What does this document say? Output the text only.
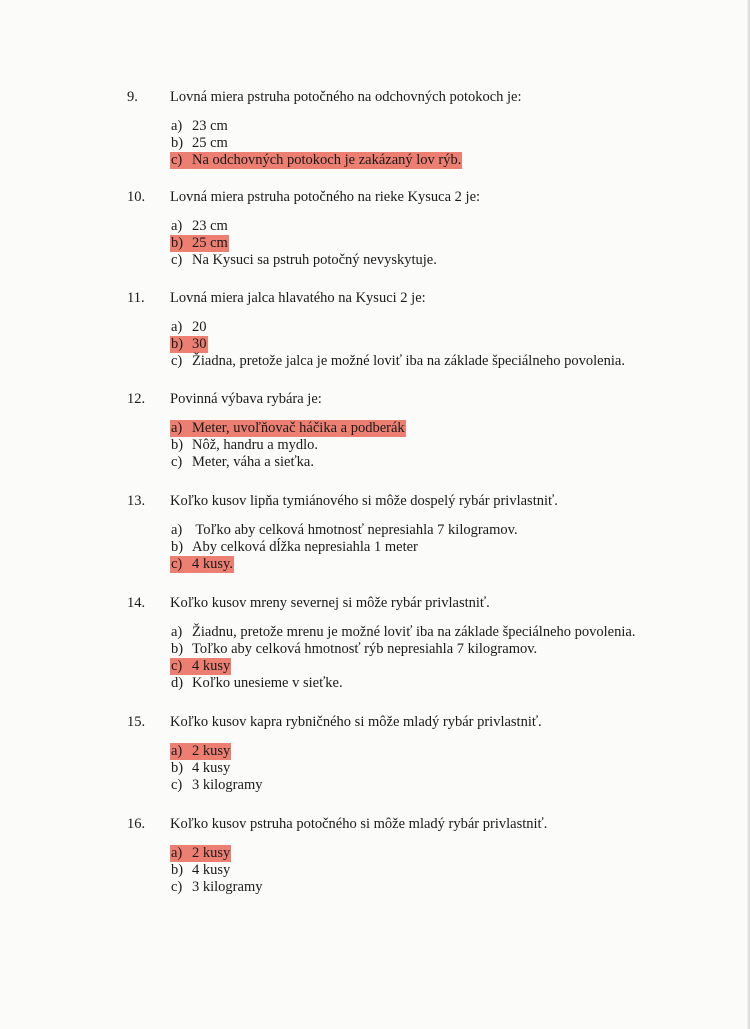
9. Lovná miera pstruha potočného na odchovných potokoch je:
a) 23 cm
b) 25 cm
c) Na odchovných potokoch je zakázaný lov rýb.
10. Lovná miera pstruha potočného na rieke Kysuca 2 je:
a) 23 cm
b) 25 cm
c) Na Kysuci sa pstruh potočný nevyskytuje.
11. Lovná miera jalca hlavatého na Kysuci 2 je:
a) 20
b) 30
c) Žiadna, pretože jalca je možné loviť iba na základe špeciálneho povolenia.
12. Povinná výbava rybára je:
a) Meter, uvoľňovač háčika a podberák
b) Nôž, handru a mydlo.
c) Meter, váha a sieťka.
13. Koľko kusov lipňa tymiánového si môže dospelý rybár privlastniť.
a) Toľko aby celková hmotnosť nepresiahla 7 kilogramov.
b) Aby celková dĺžka nepresiahla 1 meter
c) 4 kusy.
14. Koľko kusov mreny severnej si môže rybár privlastniť.
a) Žiadnu, pretože mrenu je možné loviť iba na základe špeciálneho povolenia.
b) Toľko aby celková hmotnosť rýb nepresiahla 7 kilogramov.
c) 4 kusy
d) Koľko unesieme v sieťke.
15. Koľko kusov kapra rybničného si môže mladý rybár privlastniť.
a) 2 kusy
b) 4 kusy
c) 3 kilogramy
16. Koľko kusov pstruha potočného si môže mladý rybár privlastniť.
a) 2 kusy
b) 4 kusy
c) 3 kilogramy
